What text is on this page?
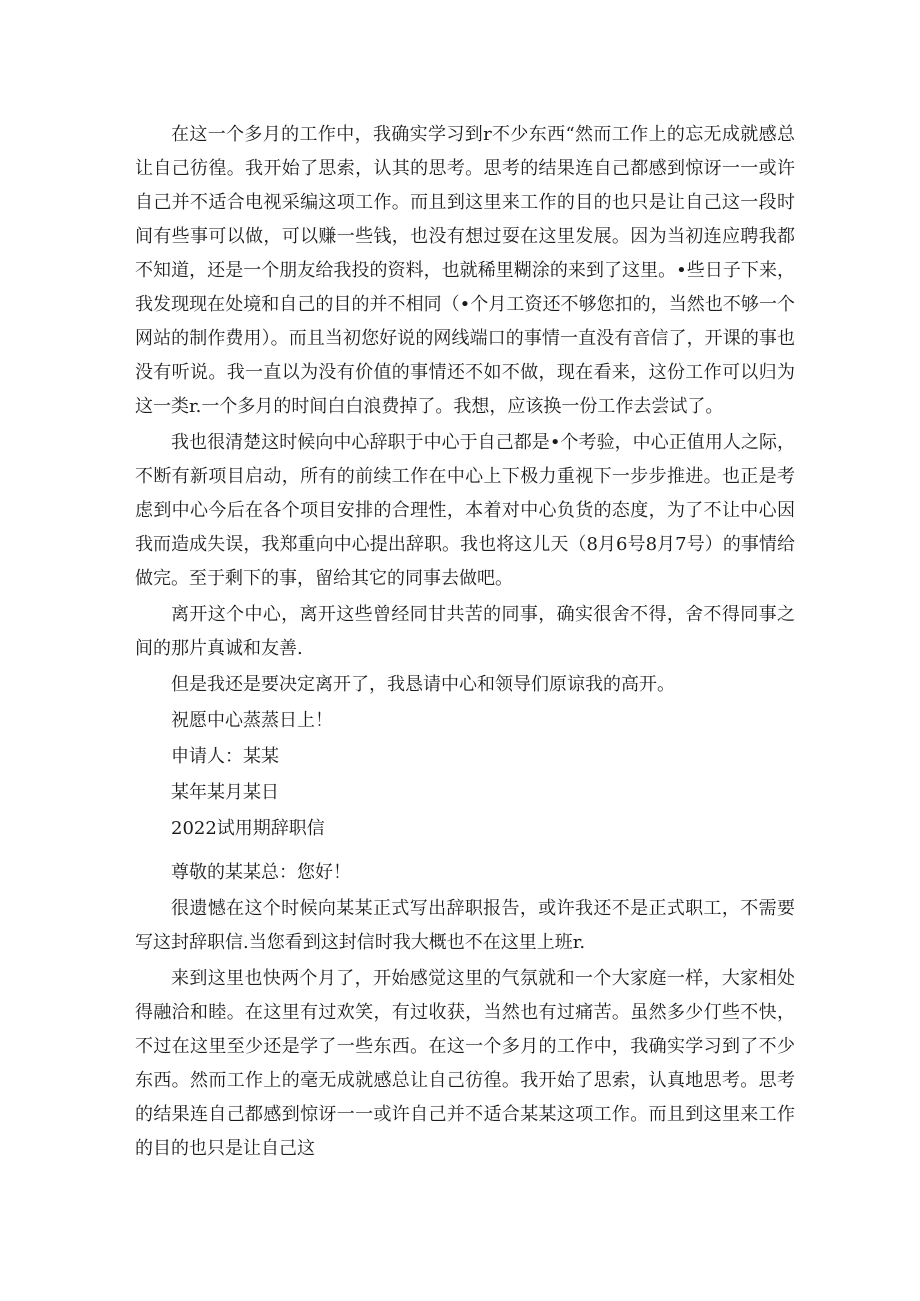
在这一个多月的工作中，我确实学习到r不少东西“然而工作上的忘无成就感总让自己彷徨。我开始了思索，认其的思考。思考的结果连自己都感到惊讶一一或许自己并不适合电视采编这项工作。而且到这里来工作的目的也只是让自己这一段时间有些事可以做，可以赚一些钱，也没有想过耍在这里发展。因为当初连应聘我都不知道，还是一个朋友给我投的资料，也就稀里糊涂的来到了这里。•些日子下来，我发现现在处境和自己的目的并不相同（•个月工资还不够您扣的，当然也不够一个网站的制作费用）。而且当初您好说的网线端口的事情一直没有音信了，开课的事也没有听说。我一直以为没有价值的事情还不如不做，现在看来，这份工作可以归为这一类r.一个多月的时间白白浪费掉了。我想，应该换一份工作去尝试了。

我也很清楚这时候向中心辞职于中心于自己都是•个考验，中心正值用人之际，不断有新项目启动，所有的前续工作在中心上下极力重视下一步步推进。也正是考虑到中心今后在各个项目安排的合理性，本着对中心负货的态度，为了不让中心因我而造成失误，我郑重向中心提出辞职。我也将这儿天（8月6号8月7号）的事情给做完。至于剩下的事，留给其它的同事去做吧。

离开这个中心，离开这些曾经同甘共苦的同事，确实很舍不得，舍不得同事之间的那片真诚和友善.

但是我还是要决定离开了，我恳请中心和领导们原谅我的高开。

祝愿中心蒸蒸日上！

申请人：某某

某年某月某日

2022试用期辞职信

尊敬的某某总：您好！

很遗憾在这个时候向某某正式写出辞职报告，或许我还不是正式职工，不需要写这封辞职信.当您看到这封信时我大概也不在这里上班r.

来到这里也快两个月了，开始感觉这里的气氛就和一个大家庭一样，大家相处得融洽和睦。在这里有过欢笑，有过收获，当然也有过痛苦。虽然多少仃些不快，不过在这里至少还是学了一些东西。在这一个多月的工作中，我确实学习到了不少东西。然而工作上的毫无成就感总让自己彷徨。我开始了思索，认真地思考。思考的结果连自己都感到惊讶一一或许自己并不适合某某这项工作。而且到这里来工作的目的也只是让自己这
